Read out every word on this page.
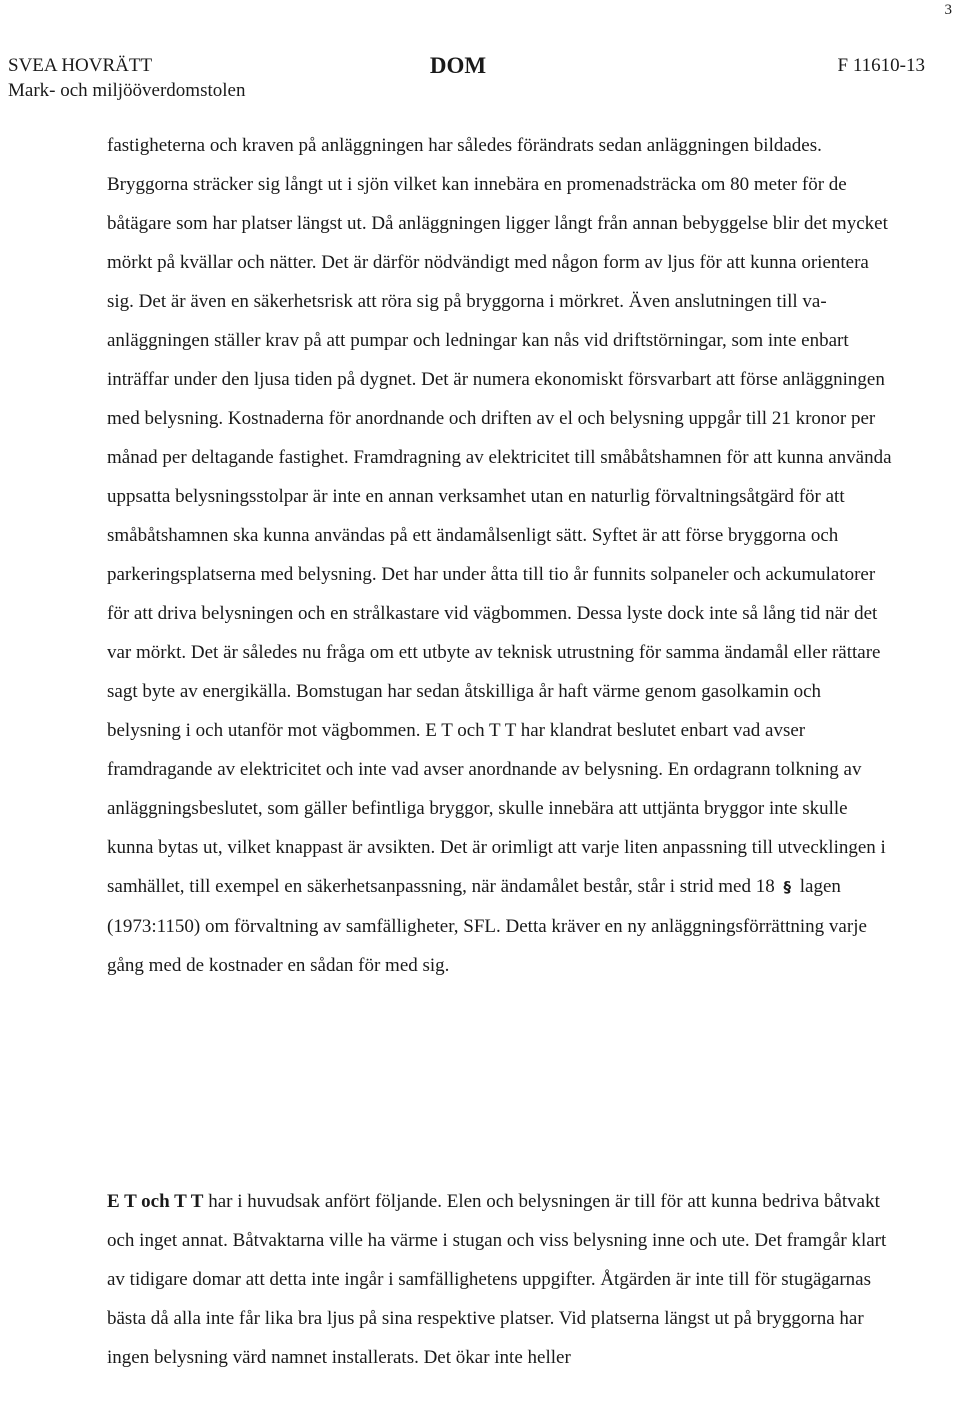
3
SVEA HOVRÄTT
Mark- och miljööverdomstolen
DOM	F 11610-13

fastigheterna och kraven på anläggningen har således förändrats sedan anläggningen bildades. Bryggorna sträcker sig långt ut i sjön vilket kan innebära en promenadsträcka om 80 meter för de båtägare som har platser längst ut. Då anläggningen ligger långt från annan bebyggelse blir det mycket mörkt på kvällar och nätter. Det är därför nödvändigt med någon form av ljus för att kunna orientera sig. Det är även en säkerhetsrisk att röra sig på bryggorna i mörkret. Även anslutningen till va-anläggningen ställer krav på att pumpar och ledningar kan nås vid driftstörningar, som inte enbart inträffar under den ljusa tiden på dygnet. Det är numera ekonomiskt försvarbart att förse anläggningen med belysning. Kostnaderna för anordnande och driften av el och belysning uppgår till 21 kronor per månad per deltagande fastighet. Framdragning av elektricitet till småbåtshamnen för att kunna använda uppsatta belysningsstolpar är inte en annan verksamhet utan en naturlig förvaltningsåtgärd för att småbåtshamnen ska kunna användas på ett ändamålsenligt sätt. Syftet är att förse bryggorna och parkeringsplatserna med belysning. Det har under åtta till tio år funnits solpaneler och ackumulatorer för att driva belysningen och en strålkastare vid vägbommen. Dessa lyste dock inte så lång tid när det var mörkt. Det är således nu fråga om ett utbyte av teknisk utrustning för samma ändamål eller rättare sagt byte av energikälla. Bomstugan har sedan åtskilliga år haft värme genom gasolkamin och belysning i och utanför mot vägbommen. E T och T T har klandrat beslutet enbart vad avser framdragande av elektricitet och inte vad avser anordnande av belysning. En ordagrann tolkning av anläggningsbeslutet, som gäller befintliga bryggor, skulle innebära att uttjänta bryggor inte skulle kunna bytas ut, vilket knappast är avsikten. Det är orimligt att varje liten anpassning till utvecklingen i samhället, till exempel en säkerhetsanpassning, när ändamålet består, står i strid med 18 § lagen (1973:1150) om förvaltning av samfälligheter, SFL. Detta kräver en ny anläggningsförrättning varje gång med de kostnader en sådan för med sig.

E T och T T har i huvudsak anfört följande. Elen och belysningen är till för att kunna bedriva båtvakt och inget annat. Båtvaktarna ville ha värme i stugan och viss belysning inne och ute. Det framgår klart av tidigare domar att detta inte ingår i samfällighetens uppgifter. Åtgärden är inte till för stugägarnas bästa då alla inte får lika bra ljus på sina respektive platser. Vid platserna längst ut på bryggorna har ingen belysning värd namnet installerats. Det ökar inte heller
